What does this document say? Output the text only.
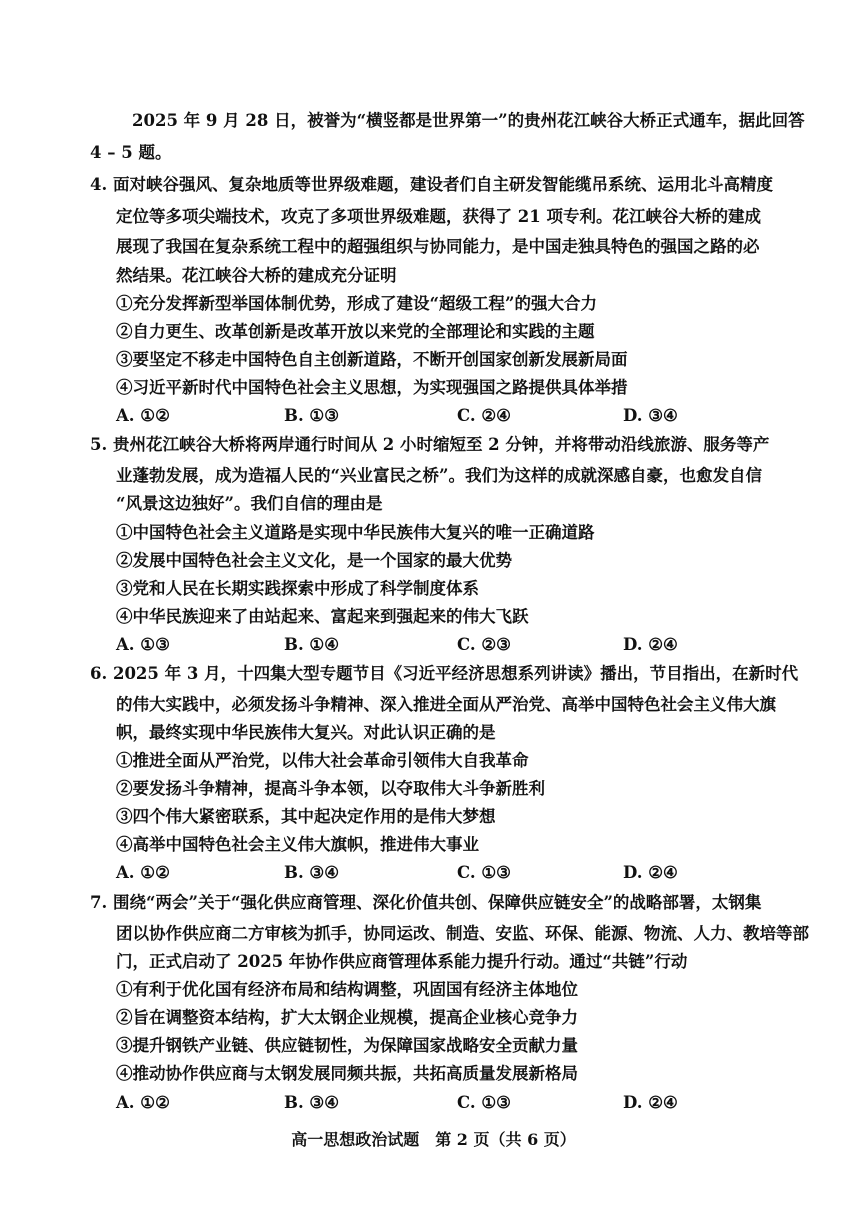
2025 年 9 月 28 日，被誉为“横竖都是世界第一”的贵州花江峡谷大桥正式通车，据此回答
4 – 5 题。
4. 面对峡谷强风、复杂地质等世界级难题，建设者们自主研发智能缆吊系统、运用北斗高精度
定位等多项尖端技术，攻克了多项世界级难题，获得了 21 项专利。花江峡谷大桥的建成
展现了我国在复杂系统工程中的超强组织与协同能力，是中国走独具特色的强国之路的必
然结果。花江峡谷大桥的建成充分证明
①充分发挥新型举国体制优势，形成了建设“超级工程”的强大合力
②自力更生、改革创新是改革开放以来党的全部理论和实践的主题
③要坚定不移走中国特色自主创新道路，不断开创国家创新发展新局面
④习近平新时代中国特色社会主义思想，为实现强国之路提供具体举措
A. ①②	B. ①③	C. ②④	D. ③④
5. 贵州花江峡谷大桥将两岸通行时间从 2 小时缩短至 2 分钟，并将带动沿线旅游、服务等产
业蓬勃发展，成为造福人民的“兴业富民之桥”。我们为这样的成就深感自豪，也愈发自信
“风景这边独好”。我们自信的理由是
①中国特色社会主义道路是实现中华民族伟大复兴的唯一正确道路
②发展中国特色社会主义文化，是一个国家的最大优势
③党和人民在长期实践探索中形成了科学制度体系
④中华民族迎来了由站起来、富起来到强起来的伟大飞跃
A. ①③	B. ①④	C. ②③	D. ②④
6. 2025 年 3 月，十四集大型专题节目《习近平经济思想系列讲读》播出，节目指出，在新时代
的伟大实践中，必须发扬斗争精神、深入推进全面从严治党、高举中国特色社会主义伟大旗
帜，最终实现中华民族伟大复兴。对此认识正确的是
①推进全面从严治党，以伟大社会革命引领伟大自我革命
②要发扬斗争精神，提高斗争本领，以夺取伟大斗争新胜利
③四个伟大紧密联系，其中起决定作用的是伟大梦想
④高举中国特色社会主义伟大旗帜，推进伟大事业
A. ①②	B. ③④	C. ①③	D. ②④
7. 围绕“两会”关于“强化供应商管理、深化价值共创、保障供应链安全”的战略部署，太钢集
团以协作供应商二方审核为抓手，协同运改、制造、安监、环保、能源、物流、人力、教培等部
门，正式启动了 2025 年协作供应商管理体系能力提升行动。通过“共链”行动
①有利于优化国有经济布局和结构调整，巩固国有经济主体地位
②旨在调整资本结构，扩大太钢企业规模，提高企业核心竞争力
③提升钢铁产业链、供应链韧性，为保障国家战略安全贡献力量
④推动协作供应商与太钢发展同频共振，共拓高质量发展新格局
A. ①②	B. ③④	C. ①③	D. ②④
高一思想政治试题　第 2 页（共 6 页）
